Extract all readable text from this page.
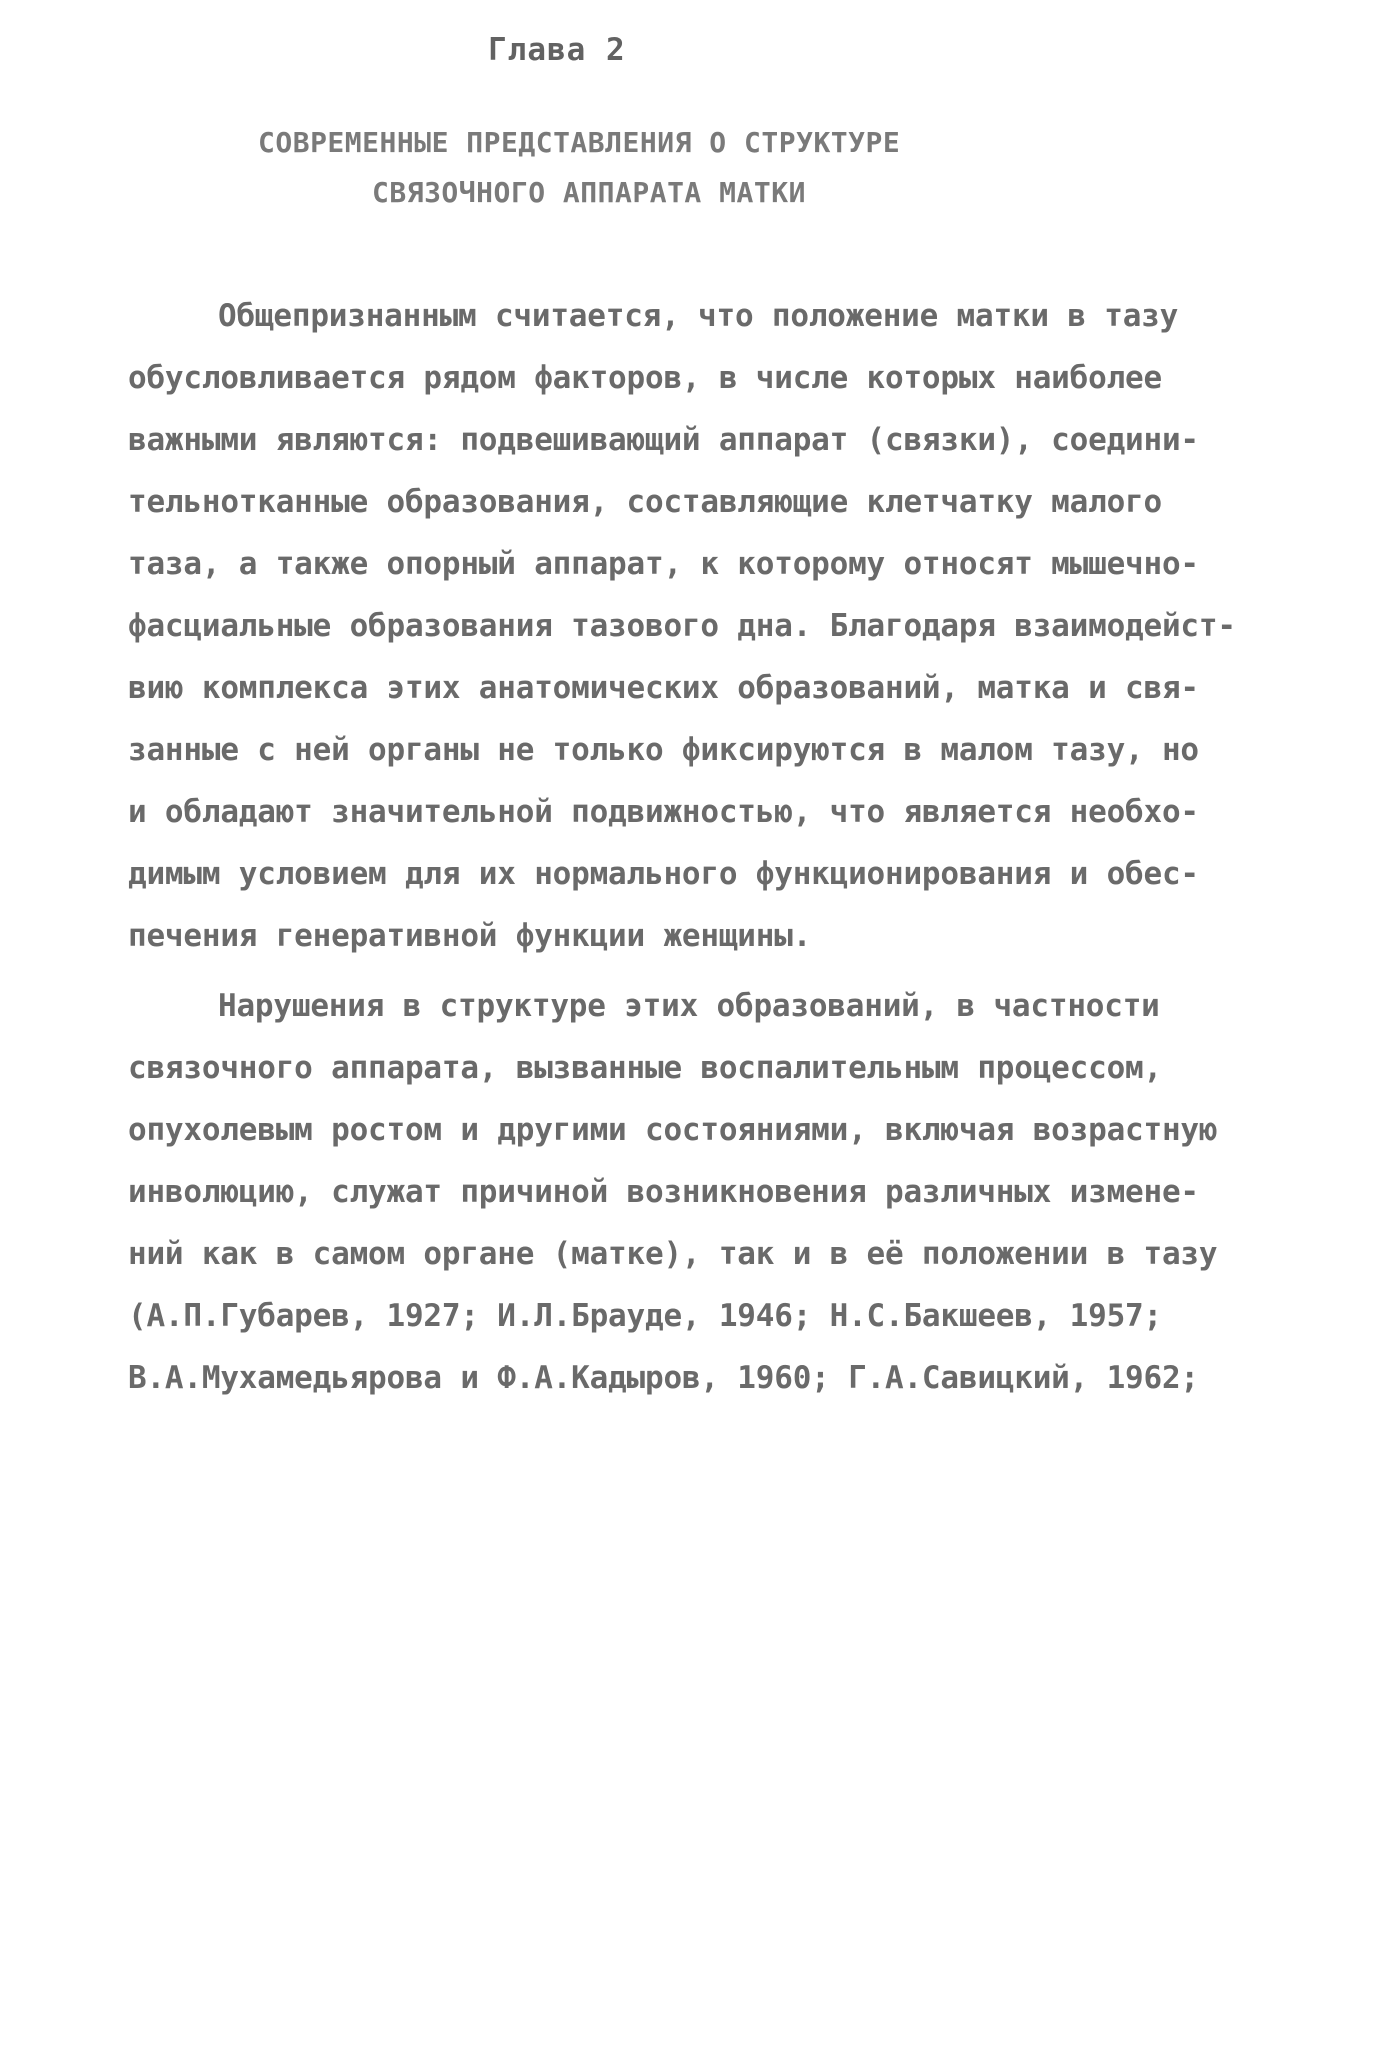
Глава 2
СОВРЕМЕННЫЕ ПРЕДСТАВЛЕНИЯ О СТРУКТУРЕ
СВЯЗОЧНОГО АППАРАТА МАТКИ
Общепризнанным считается, что положение матки в тазу
обусловливается рядом факторов, в числе которых наиболее
важными являются: подвешивающий аппарат (связки), соедини-
тельнотканные образования, составляющие клетчатку малого
таза, а также опорный аппарат, к которому относят мышечно-
фасциальные образования тазового дна. Благодаря взаимодейст-
вию комплекса этих анатомических образований, матка и свя-
занные с ней органы не только фиксируются в малом тазу, но
и обладают значительной подвижностью, что является необхо-
димым условием для их нормального функционирования и обес-
печения генеративной функции женщины.
Нарушения в структуре этих образований, в частности
связочного аппарата, вызванные воспалительным процессом,
опухолевым ростом и другими состояниями, включая возрастную
инволюцию, служат причиной возникновения различных измене-
ний как в самом органе (матке), так и в её положении в тазу
(А.П.Губарев, 1927; И.Л.Брауде, 1946; Н.С.Бакшеев, 1957;
В.А.Мухамедьярова и Ф.А.Кадыров, 1960; Г.А.Савицкий, 1962;
